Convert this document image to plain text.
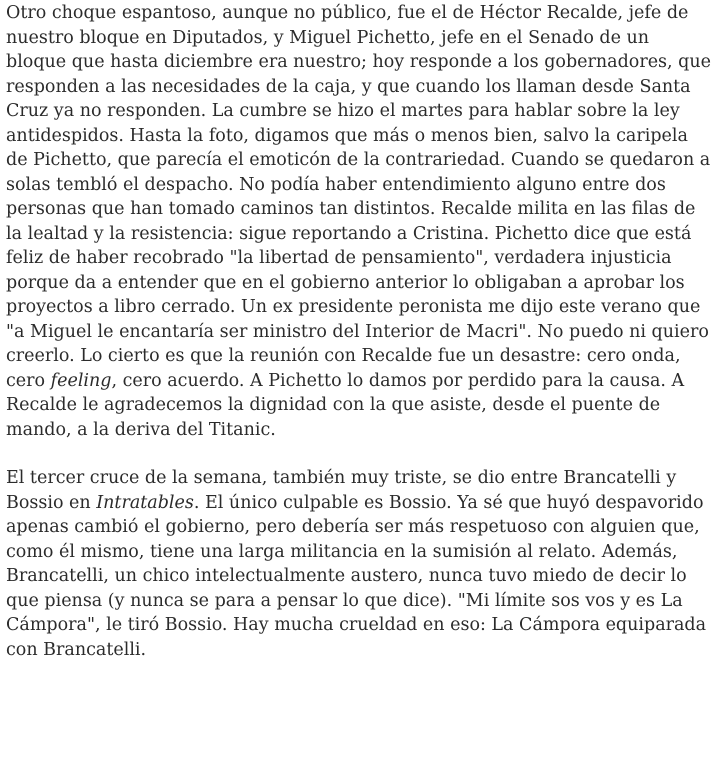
Otro choque espantoso, aunque no público, fue el de Héctor Recalde, jefe de nuestro bloque en Diputados, y Miguel Pichetto, jefe en el Senado de un bloque que hasta diciembre era nuestro; hoy responde a los gobernadores, que responden a las necesidades de la caja, y que cuando los llaman desde Santa Cruz ya no responden. La cumbre se hizo el martes para hablar sobre la ley antidespidos. Hasta la foto, digamos que más o menos bien, salvo la caripela de Pichetto, que parecía el emoticón de la contrariedad. Cuando se quedaron a solas tembló el despacho. No podía haber entendimiento alguno entre dos personas que han tomado caminos tan distintos. Recalde milita en las filas de la lealtad y la resistencia: sigue reportando a Cristina. Pichetto dice que está feliz de haber recobrado "la libertad de pensamiento", verdadera injusticia porque da a entender que en el gobierno anterior lo obligaban a aprobar los proyectos a libro cerrado. Un ex presidente peronista me dijo este verano que "a Miguel le encantaría ser ministro del Interior de Macri". No puedo ni quiero creerlo. Lo cierto es que la reunión con Recalde fue un desastre: cero onda, cero feeling, cero acuerdo. A Pichetto lo damos por perdido para la causa. A Recalde le agradecemos la dignidad con la que asiste, desde el puente de mando, a la deriva del Titanic.

El tercer cruce de la semana, también muy triste, se dio entre Brancatelli y Bossio en Intratables. El único culpable es Bossio. Ya sé que huyó despavorido apenas cambió el gobierno, pero debería ser más respetuoso con alguien que, como él mismo, tiene una larga militancia en la sumisión al relato. Además, Brancatelli, un chico intelectualmente austero, nunca tuvo miedo de decir lo que piensa (y nunca se para a pensar lo que dice). "Mi límite sos vos y es La Cámpora", le tiró Bossio. Hay mucha crueldad en eso: La Cámpora equiparada con Brancatelli.
